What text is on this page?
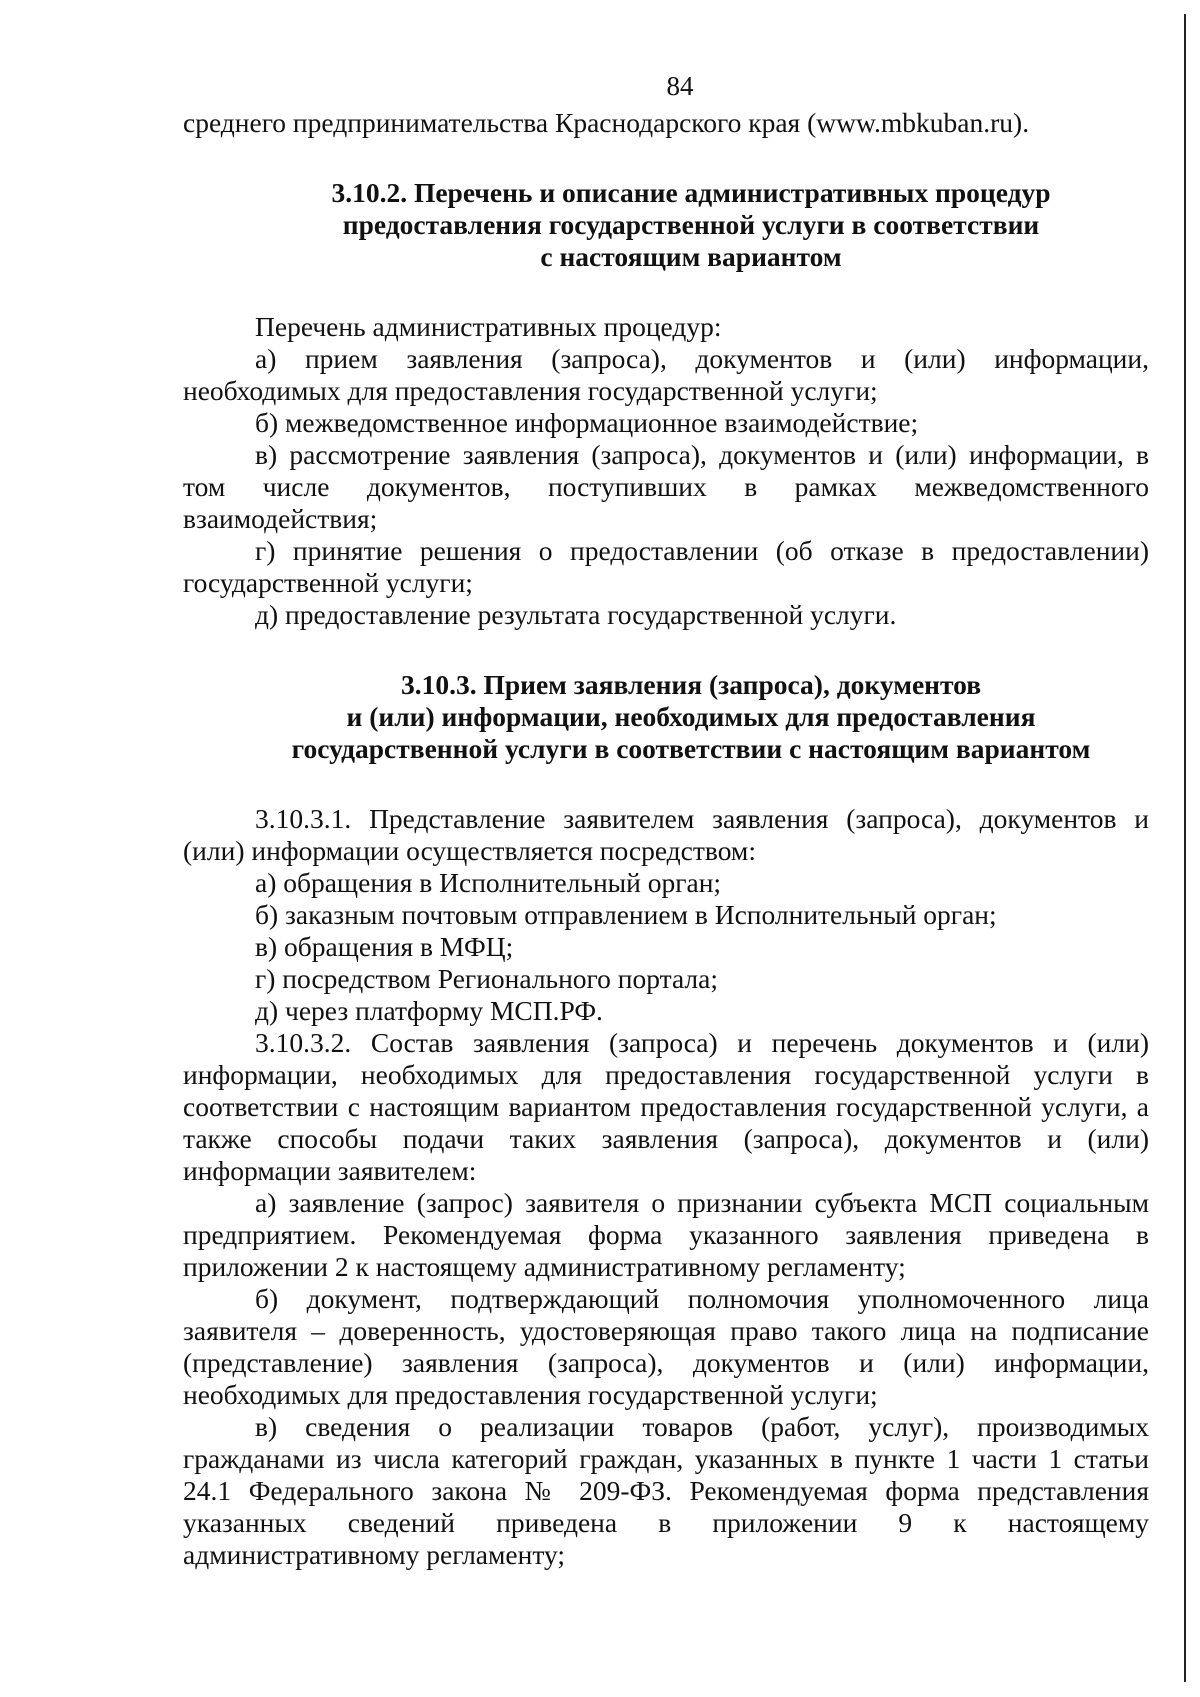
84

среднего предпринимательства Краснодарского края (www.mbkuban.ru).

3.10.2. Перечень и описание административных процедур

предоставления государственной услуги в соответствии

с настоящим вариантом

Перечень административных процедур:

а) прием заявления (запроса), документов и (или) информации, необходимых для предоставления государственной услуги;

б) межведомственное информационное взаимодействие;

в) рассмотрение заявления (запроса), документов и (или) информации, в том числе документов, поступивших в рамках межведомственного взаимодействия;

г) принятие решения о предоставлении (об отказе в предоставлении) государственной услуги;

д) предоставление результата государственной услуги.

3.10.3. Прием заявления (запроса), документов

и (или) информации, необходимых для предоставления

государственной услуги в соответствии с настоящим вариантом

3.10.3.1. Представление заявителем заявления (запроса), документов и (или) информации осуществляется посредством:

а) обращения в Исполнительный орган;

б) заказным почтовым отправлением в Исполнительный орган;

в) обращения в МФЦ;

г) посредством Регионального портала;

д) через платформу МСП.РФ.

3.10.3.2. Состав заявления (запроса) и перечень документов и (или) информации, необходимых для предоставления государственной услуги в соответствии с настоящим вариантом предоставления государственной услуги, а также способы подачи таких заявления (запроса), документов и (или) информации заявителем:

а) заявление (запрос) заявителя о признании субъекта МСП социальным предприятием. Рекомендуемая форма указанного заявления приведена в приложении 2 к настоящему административному регламенту;

б) документ, подтверждающий полномочия уполномоченного лица заявителя – доверенность, удостоверяющая право такого лица на подписание (представление) заявления (запроса), документов и (или) информации, необходимых для предоставления государственной услуги;

в) сведения о реализации товаров (работ, услуг), производимых гражданами из числа категорий граждан, указанных в пункте 1 части 1 статьи 24.1 Федерального закона № 209-ФЗ. Рекомендуемая форма представления указанных сведений приведена в приложении 9 к настоящему административному регламенту;
